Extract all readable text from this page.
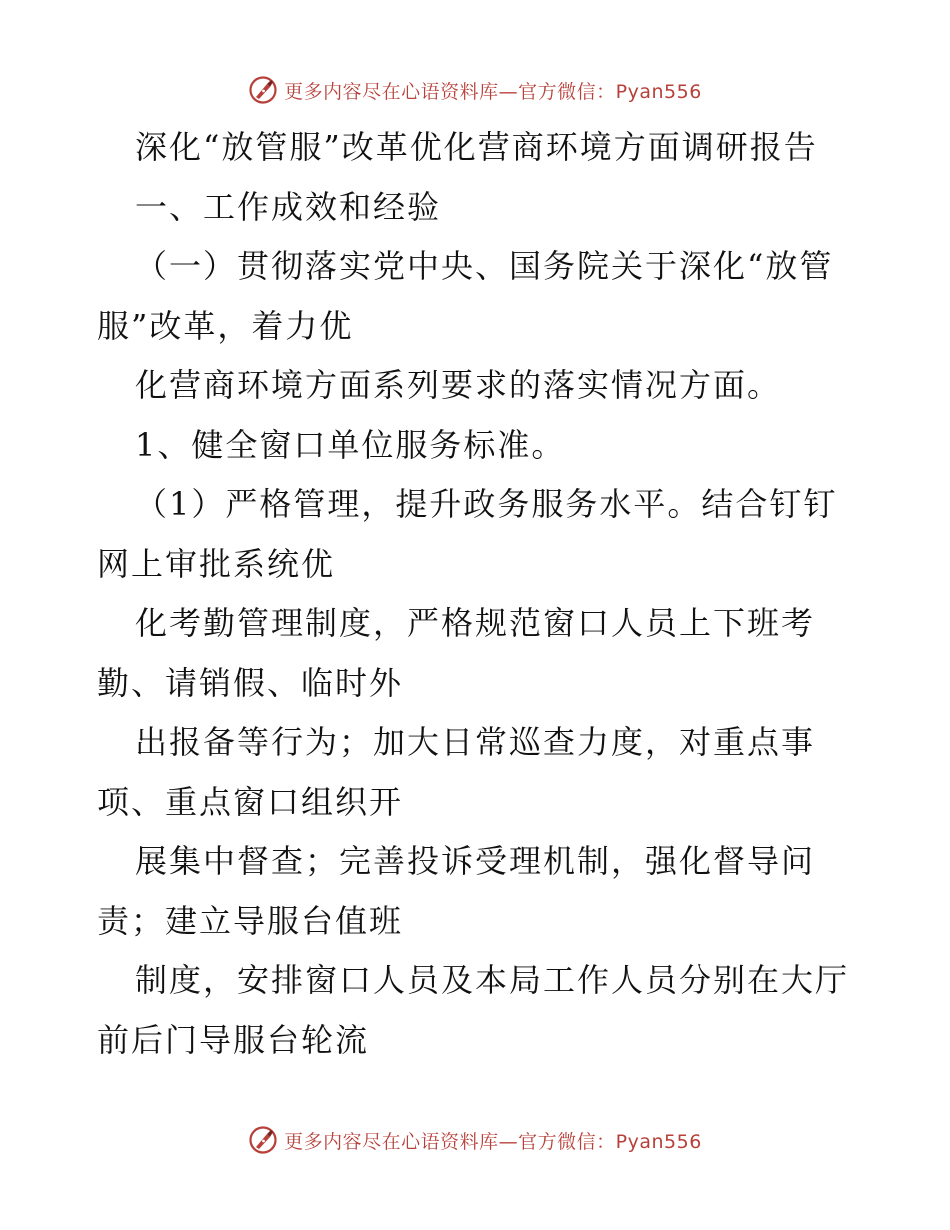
更多内容尽在心语资料库—官方微信：Pyan556
深化“放管服”改革优化营商环境方面调研报告
一、工作成效和经验
（一）贯彻落实党中央、国务院关于深化“放管
服”改革，着力优
化营商环境方面系列要求的落实情况方面。
1、健全窗口单位服务标准。
（1）严格管理，提升政务服务水平。结合钉钉
网上审批系统优
化考勤管理制度，严格规范窗口人员上下班考
勤、请销假、临时外
出报备等行为；加大日常巡查力度，对重点事
项、重点窗口组织开
展集中督查；完善投诉受理机制，强化督导问
责；建立导服台值班
制度，安排窗口人员及本局工作人员分别在大厅
前后门导服台轮流
更多内容尽在心语资料库—官方微信：Pyan556
